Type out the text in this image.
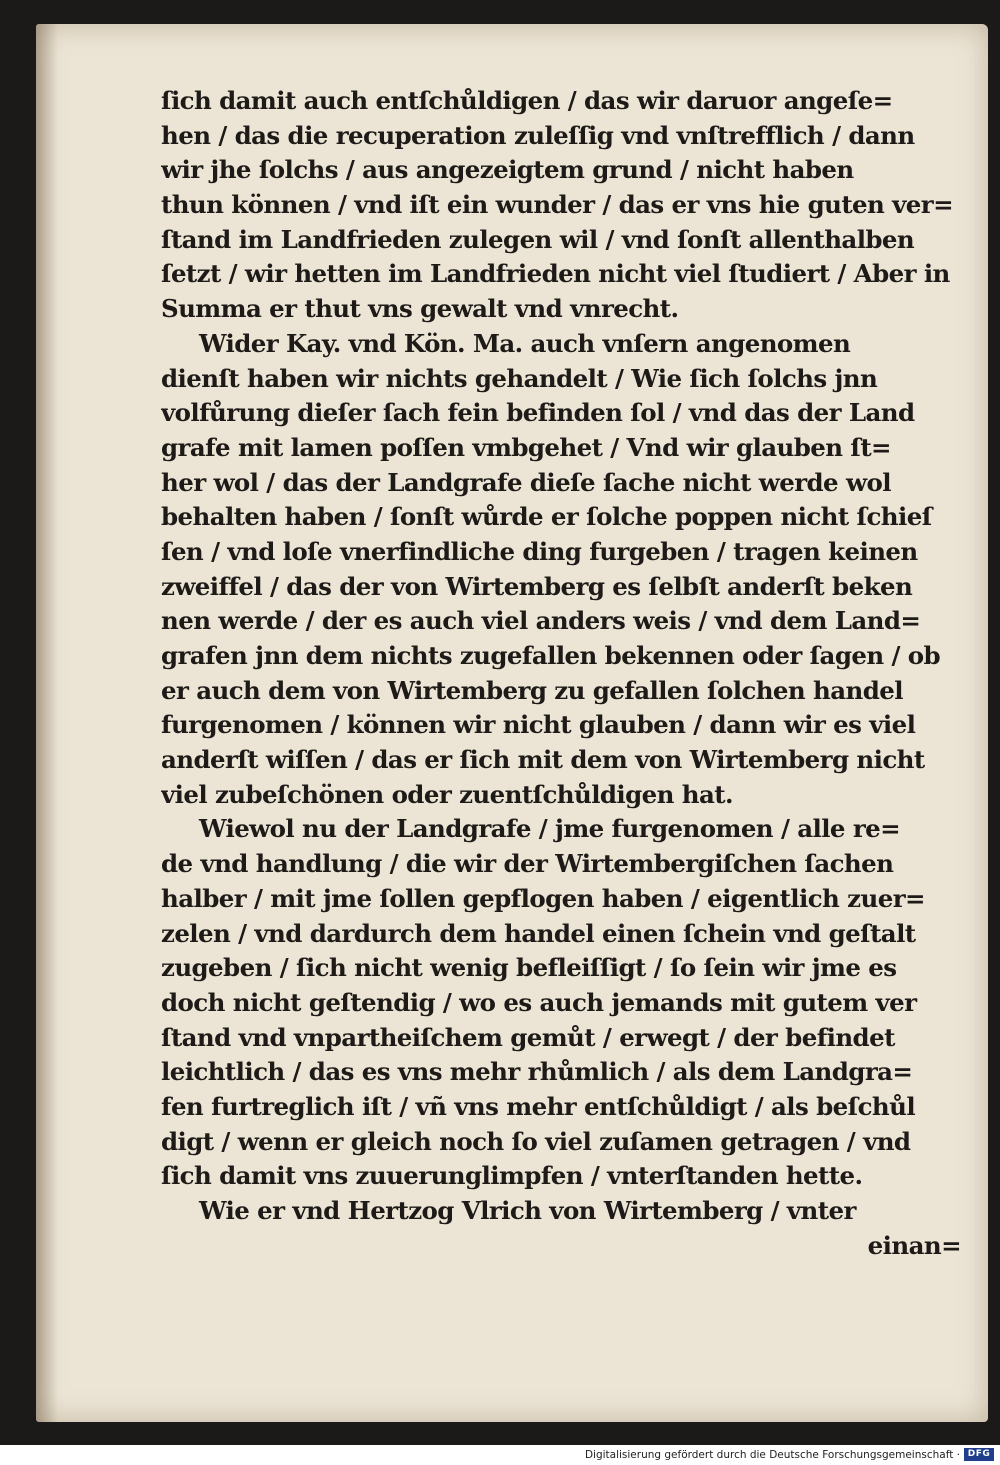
ſich damit auch entſchůldigen / das wir daruor angeſe=
hen / das die recuperation zuleſſig vnd vnſtrefflich / dann
wir jhe ſolchs / aus angezeigtem grund / nicht haben
thun können / vnd iſt ein wunder / das er vns hie guten ver=
ſtand im Landfrieden zulegen wil / vnd ſonſt allenthalben
ſetzt / wir hetten im Landfrieden nicht viel ſtudiert / Aber in
Summa er thut vns gewalt vnd vnrecht.
Wider Kay. vnd Kön. Ma. auch vnſern angenomen
dienſt haben wir nichts gehandelt / Wie ſich ſolchs jnn
volfůrung dieſer ſach fein befinden ſol / vnd das der Land
grafe mit lamen poſſen vmbgehet / Vnd wir glauben ſt=
her wol / das der Landgrafe dieſe ſache nicht werde wol
behalten haben / ſonſt wůrde er ſolche poppen nicht ſchieſ
ſen / vnd loſe vnerfindliche ding furgeben / tragen keinen
zweiffel / das der von Wirtemberg es ſelbſt anderſt beken
nen werde / der es auch viel anders weis / vnd dem Land=
grafen jnn dem nichts zugefallen bekennen oder ſagen / ob
er auch dem von Wirtemberg zu gefallen ſolchen handel
furgenomen / können wir nicht glauben / dann wir es viel
anderſt wiſſen / das er ſich mit dem von Wirtemberg nicht
viel zubeſchönen oder zuentſchůldigen hat.
Wiewol nu der Landgrafe / jme furgenomen / alle re=
de vnd handlung / die wir der Wirtembergiſchen ſachen
halber / mit jme ſollen gepflogen haben / eigentlich zuer=
zelen / vnd dardurch dem handel einen ſchein vnd geſtalt
zugeben / ſich nicht wenig befleiſſigt / ſo ſein wir jme es
doch nicht geſtendig / wo es auch jemands mit gutem ver
ſtand vnd vnpartheiſchem gemůt / erwegt / der befindet
leichtlich / das es vns mehr rhůmlich / als dem Landgra=
fen furtreglich iſt / vñ vns mehr entſchůldigt / als beſchůl
digt / wenn er gleich noch ſo viel zuſamen getragen / vnd
ſich damit vns zuuerunglimpfen / vnterſtanden hette.
Wie er vnd Hertzog Vlrich von Wirtemberg / vnter
einan=
Digitalisierung gefördert durch die Deutsche Forschungsgemeinschaft · DFG
